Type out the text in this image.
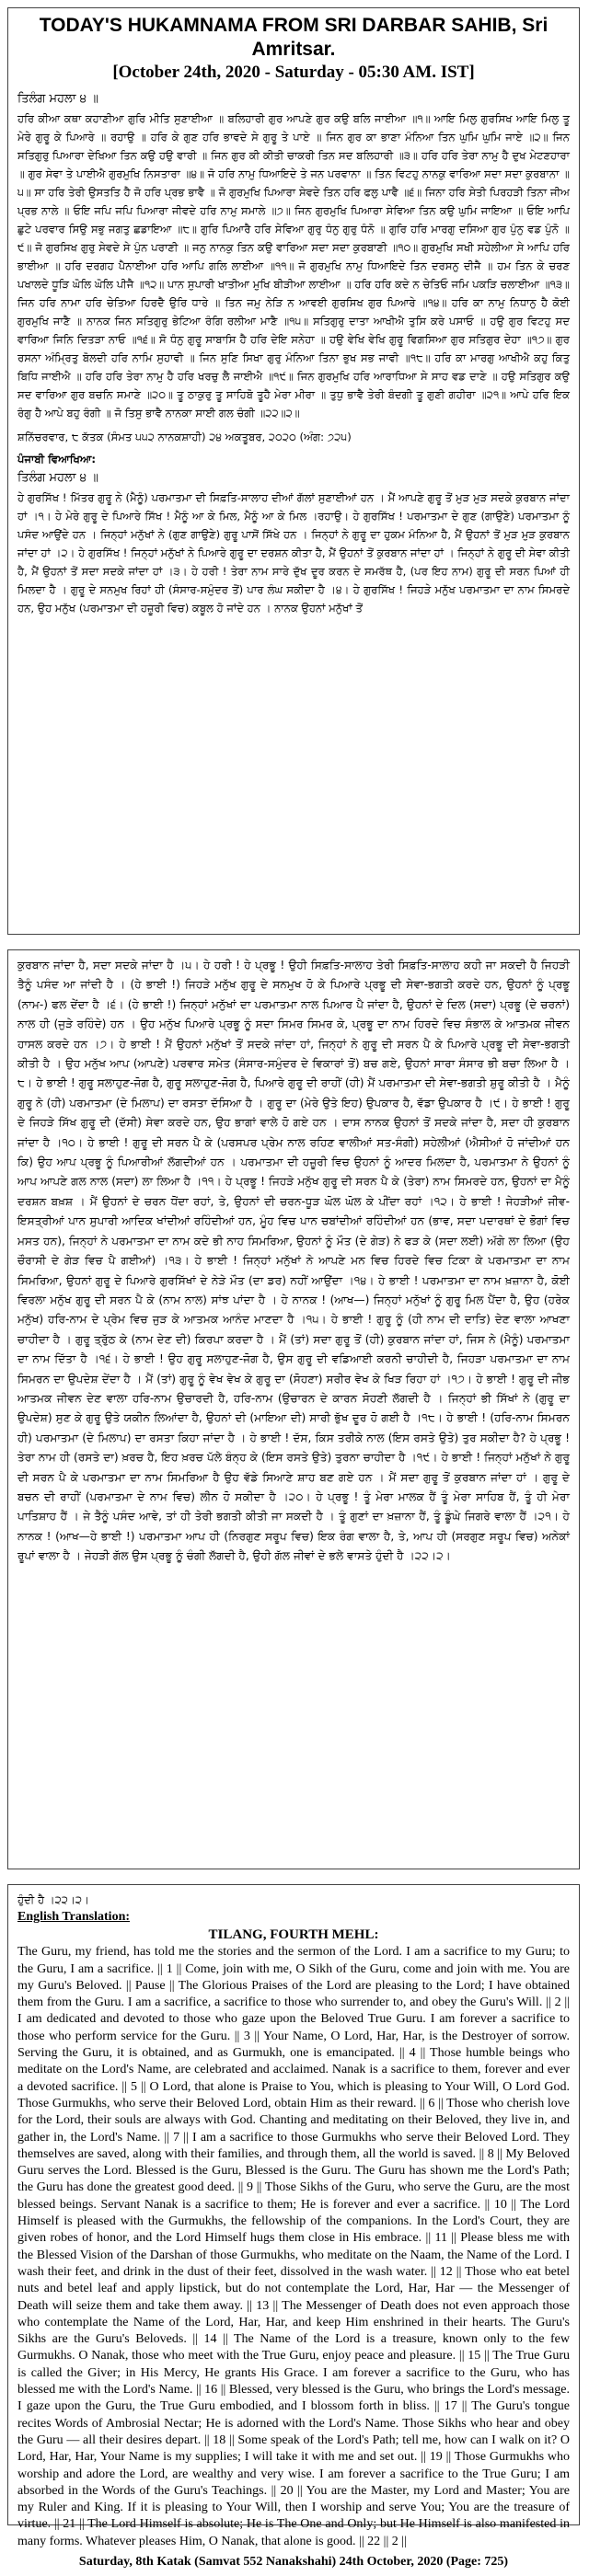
TODAY'S HUKAMNAMA FROM SRI DARBAR SAHIB, Sri Amritsar.
[October 24th, 2020 - Saturday - 05:30 AM. IST]
ਤਿਲੰਗ ਮਹਲਾ ੪ ॥
ਹਰਿ ਕੀਆ ਕਥਾ ਕਹਾਣੀਆ ਗੁਰਿ ਮੀਤਿ ਸੁਣਾਈਆ ॥ ਬਲਿਹਾਰੀ ਗੁਰ ਆਪਣੇ ਗੁਰ ਕਉ ਬਲਿ ਜਾਈਆ ॥੧॥ ਆਇ ਮਿਲੁ ਗੁਰਸਿਖ ਆਇ ਮਿਲੁ ਤੂ ਮੇਰੇ ਗੁਰੂ ਕੇ ਪਿਆਰੇ ॥ ਰਹਾਉ ॥ ਹਰਿ ਕੇ ਗੁਣ ਹਰਿ ਭਾਵਦੇ ਸੇ ਗੁਰੂ ਤੇ ਪਾਏ ॥ ਜਿਨ ਗੁਰ ਕਾ ਭਾਣਾ ਮੰਨਿਆ ਤਿਨ ਘੁਮਿ ਘੁਮਿ ਜਾਏ ॥੨॥ ਜਿਨ ਸਤਿਗੁਰੁ ਪਿਆਰਾ ਦੇਖਿਆ ਤਿਨ ਕਉ ਹਉ ਵਾਰੀ ॥ ਜਿਨ ਗੁਰ ਕੀ ਕੀਤੀ ਚਾਕਰੀ ਤਿਨ ਸਦ ਬਲਿਹਾਰੀ ॥੩॥ ਹਰਿ ਹਰਿ ਤੇਰਾ ਨਾਮੁ ਹੈ ਦੁਖ ਮੇਟਣਹਾਰਾ ॥ ਗੁਰ ਸੇਵਾ ਤੇ ਪਾਈਐ ਗੁਰਮੁਖਿ ਨਿਸਤਾਰਾ ॥੪॥ ਜੋ ਹਰਿ ਨਾਮੁ ਧਿਆਇਦੇ ਤੇ ਜਨ ਪਰਵਾਨਾ ॥ ਤਿਨ ਵਿਟਹੁ ਨਾਨਕੁ ਵਾਰਿਆ ਸਦਾ ਸਦਾ ਕੁਰਬਾਨਾ ॥੫॥ ਸਾ ਹਰਿ ਤੇਰੀ ਉਸਤਤਿ ਹੈ ਜੋ ਹਰਿ ਪ੍ਰਭ ਭਾਵੈ ॥ ਜੋ ਗੁਰਮੁਖਿ ਪਿਆਰਾ ਸੇਵਦੇ ਤਿਨ ਹਰਿ ਫਲੁ ਪਾਵੈ ॥੬॥ ਜਿਨਾ ਹਰਿ ਸੇਤੀ ਪਿਰਹੜੀ ਤਿਨਾ ਜੀਅ ਪ੍ਰਭ ਨਾਲੇ ॥ ਓਇ ਜਪਿ ਜਪਿ ਪਿਆਰਾ ਜੀਵਦੇ ਹਰਿ ਨਾਮੁ ਸਮਾਲੇ ॥੭॥ ਜਿਨ ਗੁਰਮੁਖਿ ਪਿਆਰਾ ਸੇਵਿਆ ਤਿਨ ਕਉ ਘੁਮਿ ਜਾਇਆ ॥ ਓਇ ਆਪਿ ਛੁਟੇ ਪਰਵਾਰ ਸਿਉ ਸਭੁ ਜਗਤੁ ਛਡਾਇਆ ॥੮॥ ਗੁਰਿ ਪਿਆਰੈ ਹਰਿ ਸੇਵਿਆ ਗੁਰੁ ਧੰਨੁ ਗੁਰੁ ਧੰਨੋ ॥ ਗੁਰਿ ਹਰਿ ਮਾਰਗੁ ਦਸਿਆ ਗੁਰ ਪੁੰਨੁ ਵਡ ਪੁੰਨੋ ॥੯॥ ਜੋ ਗੁਰਸਿਖ ਗੁਰੁ ਸੇਵਦੇ ਸੇ ਪੁੰਨ ਪਰਾਣੀ ॥ ਜਨੁ ਨਾਨਕੁ ਤਿਨ ਕਉ ਵਾਰਿਆ ਸਦਾ ਸਦਾ ਕੁਰਬਾਣੀ ॥੧੦॥ ਗੁਰਮੁਖਿ ਸਖੀ ਸਹੇਲੀਆ ਸੇ ਆਪਿ ਹਰਿ ਭਾਈਆ ॥ ਹਰਿ ਦਰਗਹ ਪੈਨਾਈਆ ਹਰਿ ਆਪਿ ਗਲਿ ਲਾਈਆ ॥੧੧॥ ਜੋ ਗੁਰਮੁਖਿ ਨਾਮੁ ਧਿਆਇਦੇ ਤਿਨ ਦਰਸਨੁ ਦੀਜੈ ॥ ਹਮ ਤਿਨ ਕੇ ਚਰਣ ਪਖਾਲਦੇ ਧੂੜਿ ਘੋਲਿ ਘੋਲਿ ਪੀਜੈ ॥੧੨॥ ਪਾਨ ਸੁਪਾਰੀ ਖਾਤੀਆ ਮੁਖਿ ਬੀੜੀਆ ਲਾਈਆ ॥ ਹਰਿ ਹਰਿ ਕਦੇ ਨ ਚੇਤਿਓ ਜਮਿ ਪਕੜਿ ਚਲਾਈਆ ॥੧੩॥ ਜਿਨ ਹਰਿ ਨਾਮਾ ਹਰਿ ਚੇਤਿਆ ਹਿਰਦੈ ਉਰਿ ਧਾਰੇ ॥ ਤਿਨ ਜਮੁ ਨੇੜਿ ਨ ਆਵਈ ਗੁਰਸਿਖ ਗੁਰ ਪਿਆਰੇ ॥੧੪॥ ਹਰਿ ਕਾ ਨਾਮੁ ਨਿਧਾਨੁ ਹੈ ਕੋਈ ਗੁਰਮੁਖਿ ਜਾਣੈ ॥ ਨਾਨਕ ਜਿਨ ਸਤਿਗੁਰੁ ਭੇਟਿਆ ਰੰਗਿ ਰਲੀਆ ਮਾਣੈ ॥੧੫॥ ਸਤਿਗੁਰੁ ਦਾਤਾ ਆਖੀਐ ਤੁਸਿ ਕਰੇ ਪਸਾਓ ॥ ਹਉ ਗੁਰ ਵਿਟਹੁ ਸਦ ਵਾਰਿਆ ਜਿਨਿ ਦਿਤੜਾ ਨਾਓ ॥੧੬॥ ਸੋ ਧੰਨੁ ਗੁਰੂ ਸਾਬਾਸਿ ਹੈ ਹਰਿ ਦੇਇ ਸਨੇਹਾ ॥ ਹਉ ਵੇਖਿ ਵੇਖਿ ਗੁਰੂ ਵਿਗਸਿਆ ਗੁਰ ਸਤਿਗੁਰ ਦੇਹਾ ॥੧੭॥ ਗੁਰ ਰਸਨਾ ਅੰਮ੍ਰਿਤੁ ਬੋਲਦੀ ਹਰਿ ਨਾਮਿ ਸੁਹਾਵੀ ॥ ਜਿਨ ਸੁਣਿ ਸਿਖਾ ਗੁਰੁ ਮੰਨਿਆ ਤਿਨਾ ਭੁਖ ਸਭ ਜਾਵੀ ॥੧੮॥ ਹਰਿ ਕਾ ਮਾਰਗੁ ਆਖੀਐ ਕਹੁ ਕਿਤੁ ਬਿਧਿ ਜਾਈਐ ॥ ਹਰਿ ਹਰਿ ਤੇਰਾ ਨਾਮੁ ਹੈ ਹਰਿ ਖਰਚੁ ਲੈ ਜਾਈਐ ॥੧੯॥ ਜਿਨ ਗੁਰਮੁਖਿ ਹਰਿ ਆਰਾਧਿਆ ਸੇ ਸਾਹ ਵਡ ਦਾਣੇ ॥ ਹਉ ਸਤਿਗੁਰ ਕਉ ਸਦ ਵਾਰਿਆ ਗੁਰ ਬਚਨਿ ਸਮਾਣੇ ॥੨੦॥ ਤੂ ਠਾਕੁਰੁ ਤੂ ਸਾਹਿਬੋ ਤੂਹੈ ਮੇਰਾ ਮੀਰਾ ॥ ਤੁਧੁ ਭਾਵੈ ਤੇਰੀ ਬੰਦਗੀ ਤੂ ਗੁਣੀ ਗਹੀਰਾ ॥੨੧॥ ਆਪੇ ਹਰਿ ਇਕ ਰੰਗੁ ਹੈ ਆਪੇ ਬਹੁ ਰੰਗੀ ॥ ਜੋ ਤਿਸੁ ਭਾਵੈ ਨਾਨਕਾ ਸਾਈ ਗਲ ਚੰਗੀ ॥੨੨॥੨॥
ਸ਼ਨਿੱਚਰਵਾਰ, ੮ ਕੱਤਕ (ਸੰਮਤ ੫੫੨ ਨਾਨਕਸ਼ਾਹੀ) ੨੪ ਅਕਤੂਬਰ, ੨੦੨੦ (ਅੰਗ: ੭੨੫)
ਪੰਜਾਬੀ ਵਿਆਖਿਆ:
ਤਿਲੰਗ ਮਹਲਾ ੪ ॥
ਹੇ ਗੁਰਸਿੱਖ ! ਮਿੱਤਰ ਗੁਰੂ ਨੇ (ਮੈਨੂੰ) ਪਰਮਾਤਮਾ ਦੀ ਸਿਫ਼ਤਿ-ਸਾਲਾਹ ਦੀਆਂ ਗੱਲਾਂ ਸੁਣਾਈਆਂ ਹਨ । ਮੈਂ ਆਪਣੇ ਗੁਰੂ ਤੋਂ ਮੁੜ ਮੁੜ ਸਦਕੇ ਕੁਰਬਾਨ ਜਾਂਦਾ ਹਾਂ ।੧। ਹੇ ਮੇਰੇ ਗੁਰੂ ਦੇ ਪਿਆਰੇ ਸਿੱਖ ! ਮੈਨੂੰ ਆ ਕੇ ਮਿਲ, ਮੈਨੂੰ ਆ ਕੇ ਮਿਲ ।ਰਹਾਉ। ਹੇ ਗੁਰਸਿੱਖ ! ਪਰਮਾਤਮਾ ਦੇ ਗੁਣ (ਗਾਉਣੇ) ਪਰਮਾਤਮਾ ਨੂੰ ਪਸੰਦ ਆਉਂਦੇ ਹਨ । ਜਿਨ੍ਹਾਂ ਮਨੁੱਖਾਂ ਨੇ (ਗੁਣ ਗਾਉਣੇ) ਗੁਰੂ ਪਾਸੋਂ ਸਿੱਖੇ ਹਨ । ਜਿਨ੍ਹਾਂ ਨੇ ਗੁਰੂ ਦਾ ਹੁਕਮ ਮੰਨਿਆ ਹੈ, ਮੈਂ ਉਹਨਾਂ ਤੋਂ ਮੁੜ ਮੁੜ ਕੁਰਬਾਨ ਜਾਂਦਾ ਹਾਂ ।੨। ਹੇ ਗੁਰਸਿੱਖ ! ਜਿਨ੍ਹਾਂ ਮਨੁੱਖਾਂ ਨੇ ਪਿਆਰੇ ਗੁਰੂ ਦਾ ਦਰਸ਼ਨ ਕੀਤਾ ਹੈ, ਮੈਂ ਉਹਨਾਂ ਤੋਂ ਕੁਰਬਾਨ ਜਾਂਦਾ ਹਾਂ । ਜਿਨ੍ਹਾਂ ਨੇ ਗੁਰੂ ਦੀ ਸੇਵਾ ਕੀਤੀ ਹੈ, ਮੈਂ ਉਹਨਾਂ ਤੋਂ ਸਦਾ ਸਦਕੇ ਜਾਂਦਾ ਹਾਂ ।੩। ਹੇ ਹਰੀ ! ਤੇਰਾ ਨਾਮ ਸਾਰੇ ਦੁੱਖ ਦੂਰ ਕਰਨ ਦੇ ਸਮਰੱਥ ਹੈ, (ਪਰ ਇਹ ਨਾਮ) ਗੁਰੂ ਦੀ ਸਰਨ ਪਿਆਂ ਹੀ ਮਿਲਦਾ ਹੈ । ਗੁਰੂ ਦੇ ਸਨਮੁਖ ਰਿਹਾਂ ਹੀ (ਸੰਸਾਰ-ਸਮੁੰਦਰ ਤੋਂ) ਪਾਰ ਲੰਘ ਸਕੀਦਾ ਹੈ ।੪। ਹੇ ਗੁਰਸਿੱਖ ! ਜਿਹੜੇ ਮਨੁੱਖ ਪਰਮਾਤਮਾ ਦਾ ਨਾਮ ਸਿਮਰਦੇ ਹਨ, ਉਹ ਮਨੁੱਖ (ਪਰਮਾਤਮਾ ਦੀ ਹਜ਼ੂਰੀ ਵਿਚ) ਕਬੂਲ ਹੋ ਜਾਂਦੇ ਹਨ । ਨਾਨਕ ਉਹਨਾਂ ਮਨੁੱਖਾਂ ਤੋਂ
ਕੁਰਬਾਨ ਜਾਂਦਾ ਹੈ, ਸਦਾ ਸਦਕੇ ਜਾਂਦਾ ਹੈ ।੫। ਹੇ ਹਰੀ ! ਹੇ ਪ੍ਰਭੂ ! ਉਹੀ ਸਿਫ਼ਤਿ-ਸਾਲਾਹ ਤੇਰੀ ਸਿਫ਼ਤਿ-ਸਾਲਾਹ ਕਹੀ ਜਾ ਸਕਦੀ ਹੈ ਜਿਹੜੀ ਤੈਨੂੰ ਪਸੰਦ ਆ ਜਾਂਦੀ ਹੈ । (ਹੇ ਭਾਈ !) ਜਿਹੜੇ ਮਨੁੱਖ ਗੁਰੂ ਦੇ ਸਨਮੁਖ ਹੋ ਕੇ ਪਿਆਰੇ ਪ੍ਰਭੂ ਦੀ ਸੇਵਾ-ਭਗਤੀ ਕਰਦੇ ਹਨ, ਉਹਨਾਂ ਨੂੰ ਪ੍ਰਭੂ (ਨਾਮ-) ਫਲ ਦੇਂਦਾ ਹੈ ।੬। (ਹੇ ਭਾਈ !) ਜਿਨ੍ਹਾਂ ਮਨੁੱਖਾਂ ਦਾ ਪਰਮਾਤਮਾ ਨਾਲ ਪਿਆਰ ਪੈ ਜਾਂਦਾ ਹੈ, ਉਹਨਾਂ ਦੇ ਦਿਲ (ਸਦਾ) ਪ੍ਰਭੂ (ਦੇ ਚਰਨਾਂ) ਨਾਲ ਹੀ (ਜੁੜੇ ਰਹਿੰਦੇ) ਹਨ । ਉਹ ਮਨੁੱਖ ਪਿਆਰੇ ਪ੍ਰਭੂ ਨੂੰ ਸਦਾ ਸਿਮਰ ਸਿਮਰ ਕੇ, ਪ੍ਰਭੂ ਦਾ ਨਾਮ ਹਿਰਦੇ ਵਿਚ ਸੰਭਾਲ ਕੇ ਆਤਮਕ ਜੀਵਨ ਹਾਸਲ ਕਰਦੇ ਹਨ ।੭। ਹੇ ਭਾਈ ! ਮੈਂ ਉਹਨਾਂ ਮਨੁੱਖਾਂ ਤੋਂ ਸਦਕੇ ਜਾਂਦਾ ਹਾਂ, ਜਿਨ੍ਹਾਂ ਨੇ ਗੁਰੂ ਦੀ ਸਰਨ ਪੈ ਕੇ ਪਿਆਰੇ ਪ੍ਰਭੂ ਦੀ ਸੇਵਾ-ਭਗਤੀ ਕੀਤੀ ਹੈ । ਉਹ ਮਨੁੱਖ ਆਪ (ਆਪਣੇ) ਪਰਵਾਰ ਸਮੇਤ (ਸੰਸਾਰ-ਸਮੁੰਦਰ ਦੇ ਵਿਕਾਰਾਂ ਤੋਂ) ਬਚ ਗਏ, ਉਹਨਾਂ ਸਾਰਾ ਸੰਸਾਰ ਭੀ ਬਚਾ ਲਿਆ ਹੈ ।੮। ਹੇ ਭਾਈ ! ਗੁਰੂ ਸਲਾਹੁਣ-ਜੋਗ ਹੈ, ਗੁਰੂ ਸਲਾਹੁਣ-ਜੋਗ ਹੈ, ਪਿਆਰੇ ਗੁਰੂ ਦੀ ਰਾਹੀਂ (ਹੀ) ਮੈਂ ਪਰਮਾਤਮਾ ਦੀ ਸੇਵਾ-ਭਗਤੀ ਸ਼ੁਰੂ ਕੀਤੀ ਹੈ । ਮੈਨੂੰ ਗੁਰੂ ਨੇ (ਹੀ) ਪਰਮਾਤਮਾ (ਦੇ ਮਿਲਾਪ) ਦਾ ਰਸਤਾ ਦੱਸਿਆ ਹੈ । ਗੁਰੂ ਦਾ (ਮੇਰੇ ਉਤੇ ਇਹ) ਉਪਕਾਰ ਹੈ, ਵੱਡਾ ਉਪਕਾਰ ਹੈ ।੯। ਹੇ ਭਾਈ ! ਗੁਰੂ ਦੇ ਜਿਹੜੇ ਸਿੱਖ ਗੁਰੂ ਦੀ (ਦੱਸੀ) ਸੇਵਾ ਕਰਦੇ ਹਨ, ਉਹ ਭਾਗਾਂ ਵਾਲੇ ਹੋ ਗਏ ਹਨ । ਦਾਸ ਨਾਨਕ ਉਹਨਾਂ ਤੋਂ ਸਦਕੇ ਜਾਂਦਾ ਹੈ, ਸਦਾ ਹੀ ਕੁਰਬਾਨ ਜਾਂਦਾ ਹੈ ।੧੦। ਹੇ ਭਾਈ ! ਗੁਰੂ ਦੀ ਸਰਨ ਪੈ ਕੇ (ਪਰਸਪਰ ਪ੍ਰੇਮ ਨਾਲ ਰਹਿਣ ਵਾਲੀਆਂ ਸਤ-ਸੰਗੀ) ਸਹੇਲੀਆਂ (ਐਸੀਆਂ ਹੋ ਜਾਂਦੀਆਂ ਹਨ ਕਿ) ਉਹ ਆਪ ਪ੍ਰਭੂ ਨੂੰ ਪਿਆਰੀਆਂ ਲੱਗਦੀਆਂ ਹਨ । ਪਰਮਾਤਮਾ ਦੀ ਹਜ਼ੂਰੀ ਵਿਚ ਉਹਨਾਂ ਨੂੰ ਆਦਰ ਮਿਲਦਾ ਹੈ, ਪਰਮਾਤਮਾ ਨੇ ਉਹਨਾਂ ਨੂੰ ਆਪ ਆਪਣੇ ਗਲ ਨਾਲ (ਸਦਾ) ਲਾ ਲਿਆ ਹੈ ।੧੧। ਹੇ ਪ੍ਰਭੂ ! ਜਿਹੜੇ ਮਨੁੱਖ ਗੁਰੂ ਦੀ ਸਰਨ ਪੈ ਕੇ (ਤੇਰਾ) ਨਾਮ ਸਿਮਰਦੇ ਹਨ, ਉਹਨਾਂ ਦਾ ਮੈਨੂੰ ਦਰਸ਼ਨ ਬਖ਼ਸ਼ । ਮੈਂ ਉਹਨਾਂ ਦੇ ਚਰਨ ਧੋਂਦਾ ਰਹਾਂ, ਤੇ, ਉਹਨਾਂ ਦੀ ਚਰਨ-ਧੂੜ ਘੋਲ ਘੋਲ ਕੇ ਪੀਂਦਾ ਰਹਾਂ ।੧੨। ਹੇ ਭਾਈ ! ਜੇਹੜੀਆਂ ਜੀਵ-ਇਸਤ੍ਰੀਆਂ ਪਾਨ ਸੁਪਾਰੀ ਆਦਿਕ ਖਾਂਦੀਆਂ ਰਹਿੰਦੀਆਂ ਹਨ, ਮੂੰਹ ਵਿਚ ਪਾਨ ਚਬਾਂਦੀਆਂ ਰਹਿੰਦੀਆਂ ਹਨ (ਭਾਵ, ਸਦਾ ਪਦਾਰਥਾਂ ਦੇ ਭੋਗਾਂ ਵਿਚ ਮਸਤ ਹਨ), ਜਿਨ੍ਹਾਂ ਨੇ ਪਰਮਾਤਮਾ ਦਾ ਨਾਮ ਕਦੇ ਭੀ ਨਾਹ ਸਿਮਰਿਆ, ਉਹਨਾਂ ਨੂੰ ਮੌਤ (ਦੇ ਗੇੜ) ਨੇ ਫੜ ਕੇ (ਸਦਾ ਲਈ) ਅੱਗੇ ਲਾ ਲਿਆ (ਉਹ ਚੌਰਾਸੀ ਦੇ ਗੇੜ ਵਿਚ ਪੈ ਗਈਆਂ) ।੧੩। ਹੇ ਭਾਈ ! ਜਿਨ੍ਹਾਂ ਮਨੁੱਖਾਂ ਨੇ ਆਪਣੇ ਮਨ ਵਿਚ ਹਿਰਦੇ ਵਿਚ ਟਿਕਾ ਕੇ ਪਰਮਾਤਮਾ ਦਾ ਨਾਮ ਸਿਮਰਿਆ, ਉਹਨਾਂ ਗੁਰੂ ਦੇ ਪਿਆਰੇ ਗੁਰਸਿੱਖਾਂ ਦੇ ਨੇੜੇ ਮੌਤ (ਦਾ ਡਰ) ਨਹੀਂ ਆਉਂਦਾ ।੧੪। ਹੇ ਭਾਈ ! ਪਰਮਾਤਮਾ ਦਾ ਨਾਮ ਖ਼ਜ਼ਾਨਾ ਹੈ, ਕੋਈ ਵਿਰਲਾ ਮਨੁੱਖ ਗੁਰੂ ਦੀ ਸਰਨ ਪੈ ਕੇ (ਨਾਮ ਨਾਲ) ਸਾਂਝ ਪਾਂਦਾ ਹੈ । ਹੇ ਨਾਨਕ ! (ਆਖ—) ਜਿਨ੍ਹਾਂ ਮਨੁੱਖਾਂ ਨੂੰ ਗੁਰੂ ਮਿਲ ਪੈਂਦਾ ਹੈ, ਉਹ (ਹਰੇਕ ਮਨੁੱਖ) ਹਰਿ-ਨਾਮ ਦੇ ਪ੍ਰੇਮ ਵਿਚ ਜੁੜ ਕੇ ਆਤਮਕ ਆਨੰਦ ਮਾਣਦਾ ਹੈ ।੧੫। ਹੇ ਭਾਈ ! ਗੁਰੂ ਨੂੰ (ਹੀ ਨਾਮ ਦੀ ਦਾਤਿ) ਦੇਣ ਵਾਲਾ ਆਖਣਾ ਚਾਹੀਦਾ ਹੈ । ਗੁਰੂ ਤ੍ਰੁੱਠ ਕੇ (ਨਾਮ ਦੇਣ ਦੀ) ਕਿਰਪਾ ਕਰਦਾ ਹੈ । ਮੈਂ (ਤਾਂ) ਸਦਾ ਗੁਰੂ ਤੋਂ (ਹੀ) ਕੁਰਬਾਨ ਜਾਂਦਾ ਹਾਂ, ਜਿਸ ਨੇ (ਮੈਨੂੰ) ਪਰਮਾਤਮਾ ਦਾ ਨਾਮ ਦਿੱਤਾ ਹੈ ।੧੬। ਹੇ ਭਾਈ ! ਉਹ ਗੁਰੂ ਸਲਾਹੁਣ-ਜੋਗ ਹੈ, ਉਸ ਗੁਰੂ ਦੀ ਵਡਿਆਈ ਕਰਨੀ ਚਾਹੀਦੀ ਹੈ, ਜਿਹੜਾ ਪਰਮਾਤਮਾ ਦਾ ਨਾਮ ਸਿਮਰਨ ਦਾ ਉਪਦੇਸ਼ ਦੇਂਦਾ ਹੈ । ਮੈਂ (ਤਾਂ) ਗੁਰੂ ਨੂੰ ਵੇਖ ਵੇਖ ਕੇ ਗੁਰੂ ਦਾ (ਸੋਹਣਾ) ਸਰੀਰ ਵੇਖ ਕੇ ਖਿੜ ਰਿਹਾ ਹਾਂ ।੧੭। ਹੇ ਭਾਈ ! ਗੁਰੂ ਦੀ ਜੀਭ ਆਤਮਕ ਜੀਵਨ ਦੇਣ ਵਾਲਾ ਹਰਿ-ਨਾਮ ਉਚਾਰਦੀ ਹੈ, ਹਰਿ-ਨਾਮ (ਉਚਾਰਨ ਦੇ ਕਾਰਨ ਸੋਹਣੀ ਲੱਗਦੀ ਹੈ । ਜਿਨ੍ਹਾਂ ਭੀ ਸਿੱਖਾਂ ਨੇ (ਗੁਰੂ ਦਾ ਉਪਦੇਸ਼) ਸੁਣ ਕੇ ਗੁਰੂ ਉਤੇ ਯਕੀਨ ਲਿਆਂਦਾ ਹੈ, ਉਹਨਾਂ ਦੀ (ਮਾਇਆ ਦੀ) ਸਾਰੀ ਭੁੱਖ ਦੂਰ ਹੋ ਗਈ ਹੈ ।੧੮। ਹੇ ਭਾਈ ! (ਹਰਿ-ਨਾਮ ਸਿਮਰਨ ਹੀ) ਪਰਮਾਤਮਾ (ਦੇ ਮਿਲਾਪ) ਦਾ ਰਸਤਾ ਕਿਹਾ ਜਾਂਦਾ ਹੈ । ਹੇ ਭਾਈ ! ਦੱਸ, ਕਿਸ ਤਰੀਕੇ ਨਾਲ (ਇਸ ਰਸਤੇ ਉਤੇ) ਤੁਰ ਸਕੀਦਾ ਹੈ? ਹੇ ਪ੍ਰਭੂ ! ਤੇਰਾ ਨਾਮ ਹੀ (ਰਸਤੇ ਦਾ) ਖ਼ਰਚ ਹੈ, ਇਹ ਖ਼ਰਚ ਪੱਲੇ ਬੰਨ੍ਹ ਕੇ (ਇਸ ਰਸਤੇ ਉਤੇ) ਤੁਰਨਾ ਚਾਹੀਦਾ ਹੈ ।੧੯। ਹੇ ਭਾਈ ! ਜਿਨ੍ਹਾਂ ਮਨੁੱਖਾਂ ਨੇ ਗੁਰੂ ਦੀ ਸਰਨ ਪੈ ਕੇ ਪਰਮਾਤਮਾ ਦਾ ਨਾਮ ਸਿਮਰਿਆ ਹੈ ਉਹ ਵੱਡੇ ਸਿਆਣੇ ਸ਼ਾਹ ਬਣ ਗਏ ਹਨ । ਮੈਂ ਸਦਾ ਗੁਰੂ ਤੋਂ ਕੁਰਬਾਨ ਜਾਂਦਾ ਹਾਂ । ਗੁਰੂ ਦੇ ਬਚਨ ਦੀ ਰਾਹੀਂ (ਪਰਮਾਤਮਾ ਦੇ ਨਾਮ ਵਿਚ) ਲੀਨ ਹੋ ਸਕੀਦਾ ਹੈ ।੨੦। ਹੇ ਪ੍ਰਭੂ ! ਤੂੰ ਮੇਰਾ ਮਾਲਕ ਹੈਂ ਤੂੰ ਮੇਰਾ ਸਾਹਿਬ ਹੈਂ, ਤੂੰ ਹੀ ਮੇਰਾ ਪਾਤਿਸ਼ਾਹ ਹੈਂ । ਜੇ ਤੈਨੂੰ ਪਸੰਦ ਆਵੇ, ਤਾਂ ਹੀ ਤੇਰੀ ਭਗਤੀ ਕੀਤੀ ਜਾ ਸਕਦੀ ਹੈ । ਤੂੰ ਗੁਣਾਂ ਦਾ ਖ਼ਜ਼ਾਨਾ ਹੈਂ, ਤੂੰ ਡੂੰਘੇ ਜਿਗਰੇ ਵਾਲਾ ਹੈਂ ।੨੧। ਹੇ ਨਾਨਕ ! (ਆਖ—ਹੇ ਭਾਈ !) ਪਰਮਾਤਮਾ ਆਪ ਹੀ (ਨਿਰਗੁਣ ਸਰੂਪ ਵਿਚ) ਇਕ ਰੰਗ ਵਾਲਾ ਹੈ, ਤੇ, ਆਪ ਹੀ (ਸਰਗੁਣ ਸਰੂਪ ਵਿਚ) ਅਨੇਕਾਂ ਰੂਪਾਂ ਵਾਲਾ ਹੈ । ਜੇਹੜੀ ਗੱਲ ਉਸ ਪ੍ਰਭੂ ਨੂੰ ਚੰਗੀ ਲੱਗਦੀ ਹੈ, ਉਹੀ ਗੱਲ ਜੀਵਾਂ ਦੇ ਭਲੇ ਵਾਸਤੇ ਹੁੰਦੀ ਹੈ ।੨੨।੨।
ਹੁੰਦੀ ਹੈ ।੨੨।੨।
English Translation:
TILANG, FOURTH MEHL:
The Guru, my friend, has told me the stories and the sermon of the Lord. I am a sacrifice to my Guru; to the Guru, I am a sacrifice. || 1 || Come, join with me, O Sikh of the Guru, come and join with me. You are my Guru's Beloved. || Pause || The Glorious Praises of the Lord are pleasing to the Lord; I have obtained them from the Guru. I am a sacrifice, a sacrifice to those who surrender to, and obey the Guru's Will. || 2 || I am dedicated and devoted to those who gaze upon the Beloved True Guru. I am forever a sacrifice to those who perform service for the Guru. || 3 || Your Name, O Lord, Har, Har, is the Destroyer of sorrow. Serving the Guru, it is obtained, and as Gurmukh, one is emancipated. || 4 || Those humble beings who meditate on the Lord's Name, are celebrated and acclaimed. Nanak is a sacrifice to them, forever and ever a devoted sacrifice. || 5 || O Lord, that alone is Praise to You, which is pleasing to Your Will, O Lord God. Those Gurmukhs, who serve their Beloved Lord, obtain Him as their reward. || 6 || Those who cherish love for the Lord, their souls are always with God. Chanting and meditating on their Beloved, they live in, and gather in, the Lord's Name. || 7 || I am a sacrifice to those Gurmukhs who serve their Beloved Lord. They themselves are saved, along with their families, and through them, all the world is saved. || 8 || My Beloved Guru serves the Lord. Blessed is the Guru, Blessed is the Guru. The Guru has shown me the Lord's Path; the Guru has done the greatest good deed. || 9 || Those Sikhs of the Guru, who serve the Guru, are the most blessed beings. Servant Nanak is a sacrifice to them; He is forever and ever a sacrifice. || 10 || The Lord Himself is pleased with the Gurmukhs, the fellowship of the companions. In the Lord's Court, they are given robes of honor, and the Lord Himself hugs them close in His embrace. || 11 || Please bless me with the Blessed Vision of the Darshan of those Gurmukhs, who meditate on the Naam, the Name of the Lord. I wash their feet, and drink in the dust of their feet, dissolved in the wash water. || 12 || Those who eat betel nuts and betel leaf and apply lipstick, but do not contemplate the Lord, Har, Har — the Messenger of Death will seize them and take them away. || 13 || The Messenger of Death does not even approach those who contemplate the Name of the Lord, Har, Har, and keep Him enshrined in their hearts. The Guru's Sikhs are the Guru's Beloveds. || 14 || The Name of the Lord is a treasure, known only to the few Gurmukhs. O Nanak, those who meet with the True Guru, enjoy peace and pleasure. || 15 || The True Guru is called the Giver; in His Mercy, He grants His Grace. I am forever a sacrifice to the Guru, who has blessed me with the Lord's Name. || 16 || Blessed, very blessed is the Guru, who brings the Lord's message. I gaze upon the Guru, the True Guru embodied, and I blossom forth in bliss. || 17 || The Guru's tongue recites Words of Ambrosial Nectar; He is adorned with the Lord's Name. Those Sikhs who hear and obey the Guru — all their desires depart. || 18 || Some speak of the Lord's Path; tell me, how can I walk on it? O Lord, Har, Har, Your Name is my supplies; I will take it with me and set out. || 19 || Those Gurmukhs who worship and adore the Lord, are wealthy and very wise. I am forever a sacrifice to the True Guru; I am absorbed in the Words of the Guru's Teachings. || 20 || You are the Master, my Lord and Master; You are my Ruler and King. If it is pleasing to Your Will, then I worship and serve You; You are the treasure of virtue. || 21 || The Lord Himself is absolute; He is The One and Only; but He Himself is also manifested in many forms. Whatever pleases Him, O Nanak, that alone is good. || 22 || 2 ||
Saturday, 8th Katak (Samvat 552 Nanakshahi) 24th October, 2020 (Page: 725)
